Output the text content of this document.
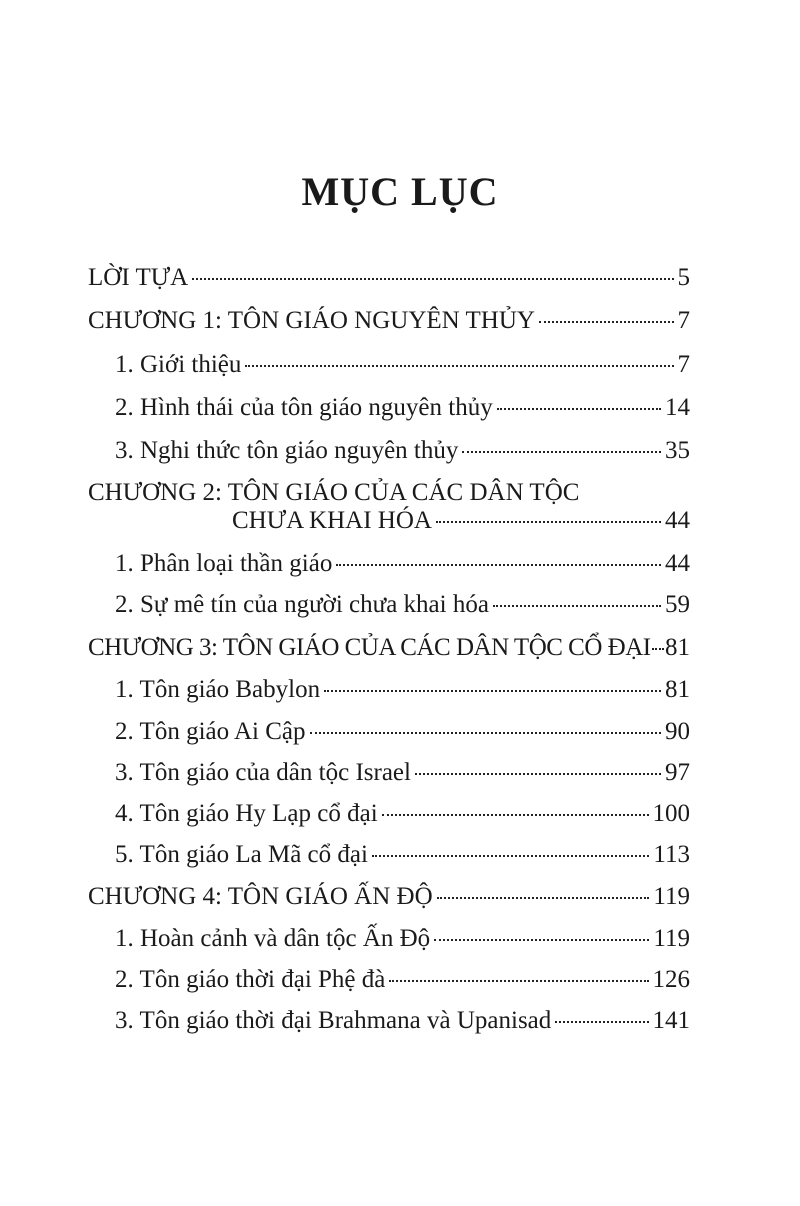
MỤC LỤC
LỜI TỰA	5
CHƯƠNG 1: TÔN GIÁO NGUYÊN THỦY	7
1. Giới thiệu	7
2. Hình thái của tôn giáo nguyên thủy	14
3. Nghi thức tôn giáo nguyên thủy	35
CHƯƠNG 2: TÔN GIÁO CỦA CÁC DÂN TỘC
CHƯA KHAI HÓA	44
1. Phân loại thần giáo	44
2. Sự mê tín của người chưa khai hóa	59
CHƯƠNG 3: TÔN GIÁO CỦA CÁC DÂN TỘC CỔ ĐẠI 81
1. Tôn giáo Babylon	81
2. Tôn giáo Ai Cập	90
3. Tôn giáo của dân tộc Israel	97
4. Tôn giáo Hy Lạp cổ đại	100
5. Tôn giáo La Mã cổ đại	113
CHƯƠNG 4: TÔN GIÁO ẤN ĐỘ	119
1. Hoàn cảnh và dân tộc Ấn Độ	119
2. Tôn giáo thời đại Phệ đà	126
3. Tôn giáo thời đại Brahmana và Upanisad	141
